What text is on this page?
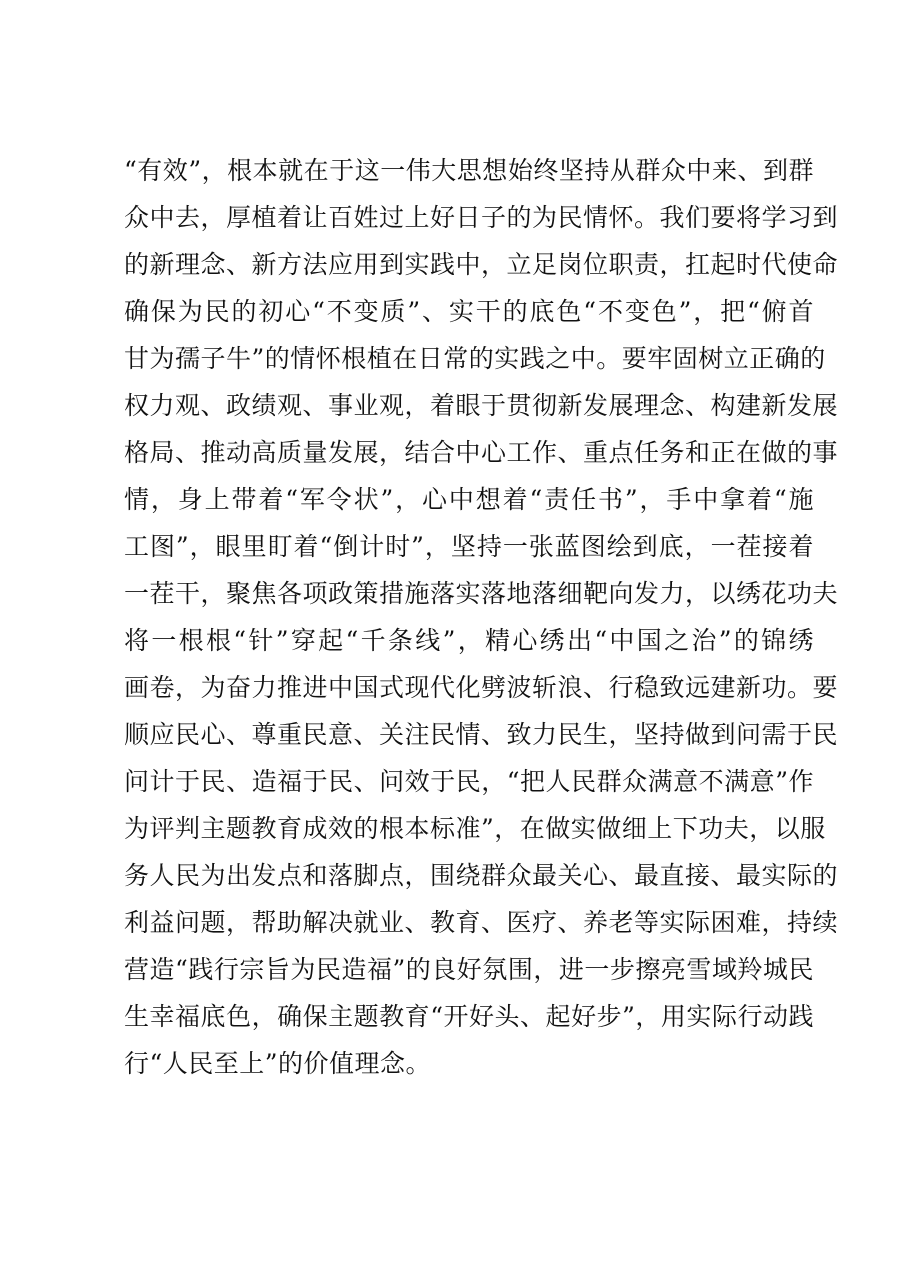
“有效”，根本就在于这一伟大思想始终坚持从群众中来、到群
众中去，厚植着让百姓过上好日子的为民情怀。我们要将学习到
的新理念、新方法应用到实践中，立足岗位职责，扛起时代使命
确保为民的初心“不变质”、实干的底色“不变色”，把“俯首
甘为孺子牛”的情怀根植在日常的实践之中。要牢固树立正确的
权力观、政绩观、事业观，着眼于贯彻新发展理念、构建新发展
格局、推动高质量发展，结合中心工作、重点任务和正在做的事
情，身上带着“军令状”，心中想着“责任书”，手中拿着“施
工图”，眼里盯着“倒计时”，坚持一张蓝图绘到底，一茬接着
一茬干，聚焦各项政策措施落实落地落细靶向发力，以绣花功夫
将一根根“针”穿起“千条线”，精心绣出“中国之治”的锦绣
画卷，为奋力推进中国式现代化劈波斩浪、行稳致远建新功。要
顺应民心、尊重民意、关注民情、致力民生，坚持做到问需于民
问计于民、造福于民、问效于民，“把人民群众满意不满意”作
为评判主题教育成效的根本标准”，在做实做细上下功夫，以服
务人民为出发点和落脚点，围绕群众最关心、最直接、最实际的
利益问题，帮助解决就业、教育、医疗、养老等实际困难，持续
营造“践行宗旨为民造福”的良好氛围，进一步擦亮雪域羚城民
生幸福底色，确保主题教育“开好头、起好步”，用实际行动践
行“人民至上”的价值理念。
